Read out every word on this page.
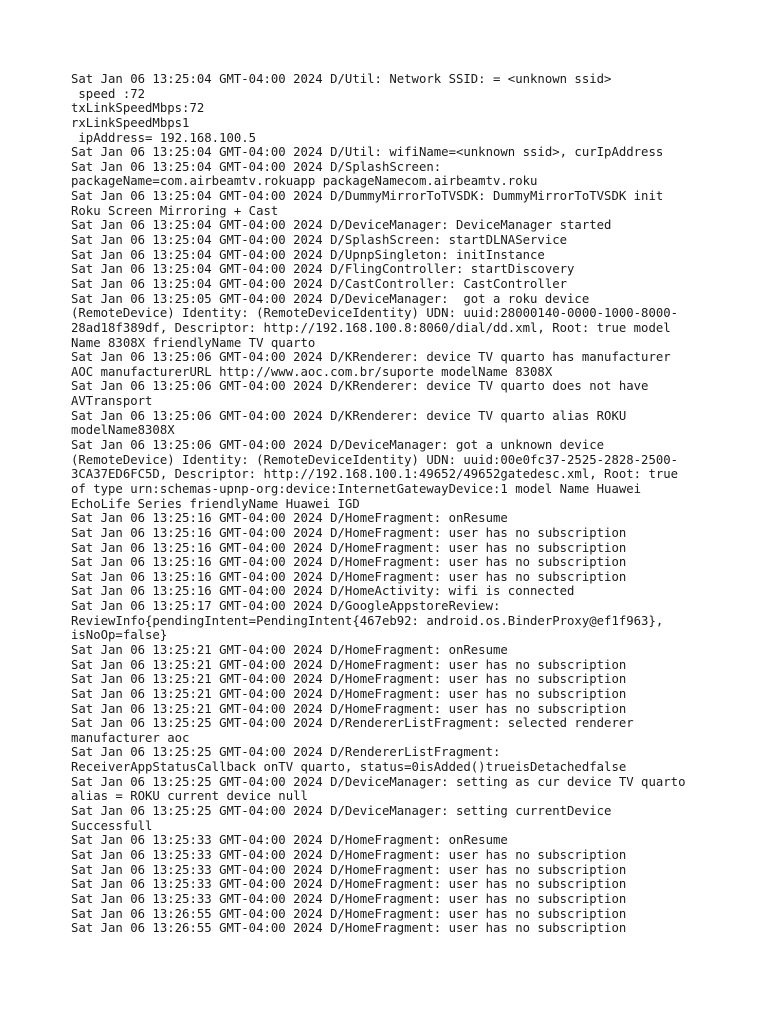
Sat Jan 06 13:25:04 GMT-04:00 2024 D/Util: Network SSID: = <unknown ssid>
speed :72
txLinkSpeedMbps:72
rxLinkSpeedMbps1
ipAddress= 192.168.100.5
Sat Jan 06 13:25:04 GMT-04:00 2024 D/Util: wifiName=<unknown ssid>, curIpAddress
Sat Jan 06 13:25:04 GMT-04:00 2024 D/SplashScreen:
packageName=com.airbeamtv.rokuapp packageNamecom.airbeamtv.roku
Sat Jan 06 13:25:04 GMT-04:00 2024 D/DummyMirrorToTVSDK: DummyMirrorToTVSDK init
Roku Screen Mirroring + Cast
Sat Jan 06 13:25:04 GMT-04:00 2024 D/DeviceManager: DeviceManager started
Sat Jan 06 13:25:04 GMT-04:00 2024 D/SplashScreen: startDLNAService
Sat Jan 06 13:25:04 GMT-04:00 2024 D/UpnpSingleton: initInstance
Sat Jan 06 13:25:04 GMT-04:00 2024 D/FlingController: startDiscovery
Sat Jan 06 13:25:04 GMT-04:00 2024 D/CastController: CastController
Sat Jan 06 13:25:05 GMT-04:00 2024 D/DeviceManager:  got a roku device
(RemoteDevice) Identity: (RemoteDeviceIdentity) UDN: uuid:28000140-0000-1000-8000-
28ad18f389df, Descriptor: http://192.168.100.8:8060/dial/dd.xml, Root: true model
Name 8308X friendlyName TV quarto
Sat Jan 06 13:25:06 GMT-04:00 2024 D/KRenderer: device TV quarto has manufacturer
AOC manufacturerURL http://www.aoc.com.br/suporte modelName 8308X
Sat Jan 06 13:25:06 GMT-04:00 2024 D/KRenderer: device TV quarto does not have
AVTransport
Sat Jan 06 13:25:06 GMT-04:00 2024 D/KRenderer: device TV quarto alias ROKU
modelName8308X
Sat Jan 06 13:25:06 GMT-04:00 2024 D/DeviceManager: got a unknown device
(RemoteDevice) Identity: (RemoteDeviceIdentity) UDN: uuid:00e0fc37-2525-2828-2500-
3CA37ED6FC5D, Descriptor: http://192.168.100.1:49652/49652gatedesc.xml, Root: true
of type urn:schemas-upnp-org:device:InternetGatewayDevice:1 model Name Huawei
EchoLife Series friendlyName Huawei IGD
Sat Jan 06 13:25:16 GMT-04:00 2024 D/HomeFragment: onResume
Sat Jan 06 13:25:16 GMT-04:00 2024 D/HomeFragment: user has no subscription
Sat Jan 06 13:25:16 GMT-04:00 2024 D/HomeFragment: user has no subscription
Sat Jan 06 13:25:16 GMT-04:00 2024 D/HomeFragment: user has no subscription
Sat Jan 06 13:25:16 GMT-04:00 2024 D/HomeFragment: user has no subscription
Sat Jan 06 13:25:16 GMT-04:00 2024 D/HomeActivity: wifi is connected
Sat Jan 06 13:25:17 GMT-04:00 2024 D/GoogleAppstoreReview:
ReviewInfo{pendingIntent=PendingIntent{467eb92: android.os.BinderProxy@ef1f963},
isNoOp=false}
Sat Jan 06 13:25:21 GMT-04:00 2024 D/HomeFragment: onResume
Sat Jan 06 13:25:21 GMT-04:00 2024 D/HomeFragment: user has no subscription
Sat Jan 06 13:25:21 GMT-04:00 2024 D/HomeFragment: user has no subscription
Sat Jan 06 13:25:21 GMT-04:00 2024 D/HomeFragment: user has no subscription
Sat Jan 06 13:25:21 GMT-04:00 2024 D/HomeFragment: user has no subscription
Sat Jan 06 13:25:25 GMT-04:00 2024 D/RendererListFragment: selected renderer
manufacturer aoc
Sat Jan 06 13:25:25 GMT-04:00 2024 D/RendererListFragment:
ReceiverAppStatusCallback onTV quarto, status=0isAdded()trueisDetachedfalse
Sat Jan 06 13:25:25 GMT-04:00 2024 D/DeviceManager: setting as cur device TV quarto
alias = ROKU current device null
Sat Jan 06 13:25:25 GMT-04:00 2024 D/DeviceManager: setting currentDevice
Successfull
Sat Jan 06 13:25:33 GMT-04:00 2024 D/HomeFragment: onResume
Sat Jan 06 13:25:33 GMT-04:00 2024 D/HomeFragment: user has no subscription
Sat Jan 06 13:25:33 GMT-04:00 2024 D/HomeFragment: user has no subscription
Sat Jan 06 13:25:33 GMT-04:00 2024 D/HomeFragment: user has no subscription
Sat Jan 06 13:25:33 GMT-04:00 2024 D/HomeFragment: user has no subscription
Sat Jan 06 13:26:55 GMT-04:00 2024 D/HomeFragment: user has no subscription
Sat Jan 06 13:26:55 GMT-04:00 2024 D/HomeFragment: user has no subscription
